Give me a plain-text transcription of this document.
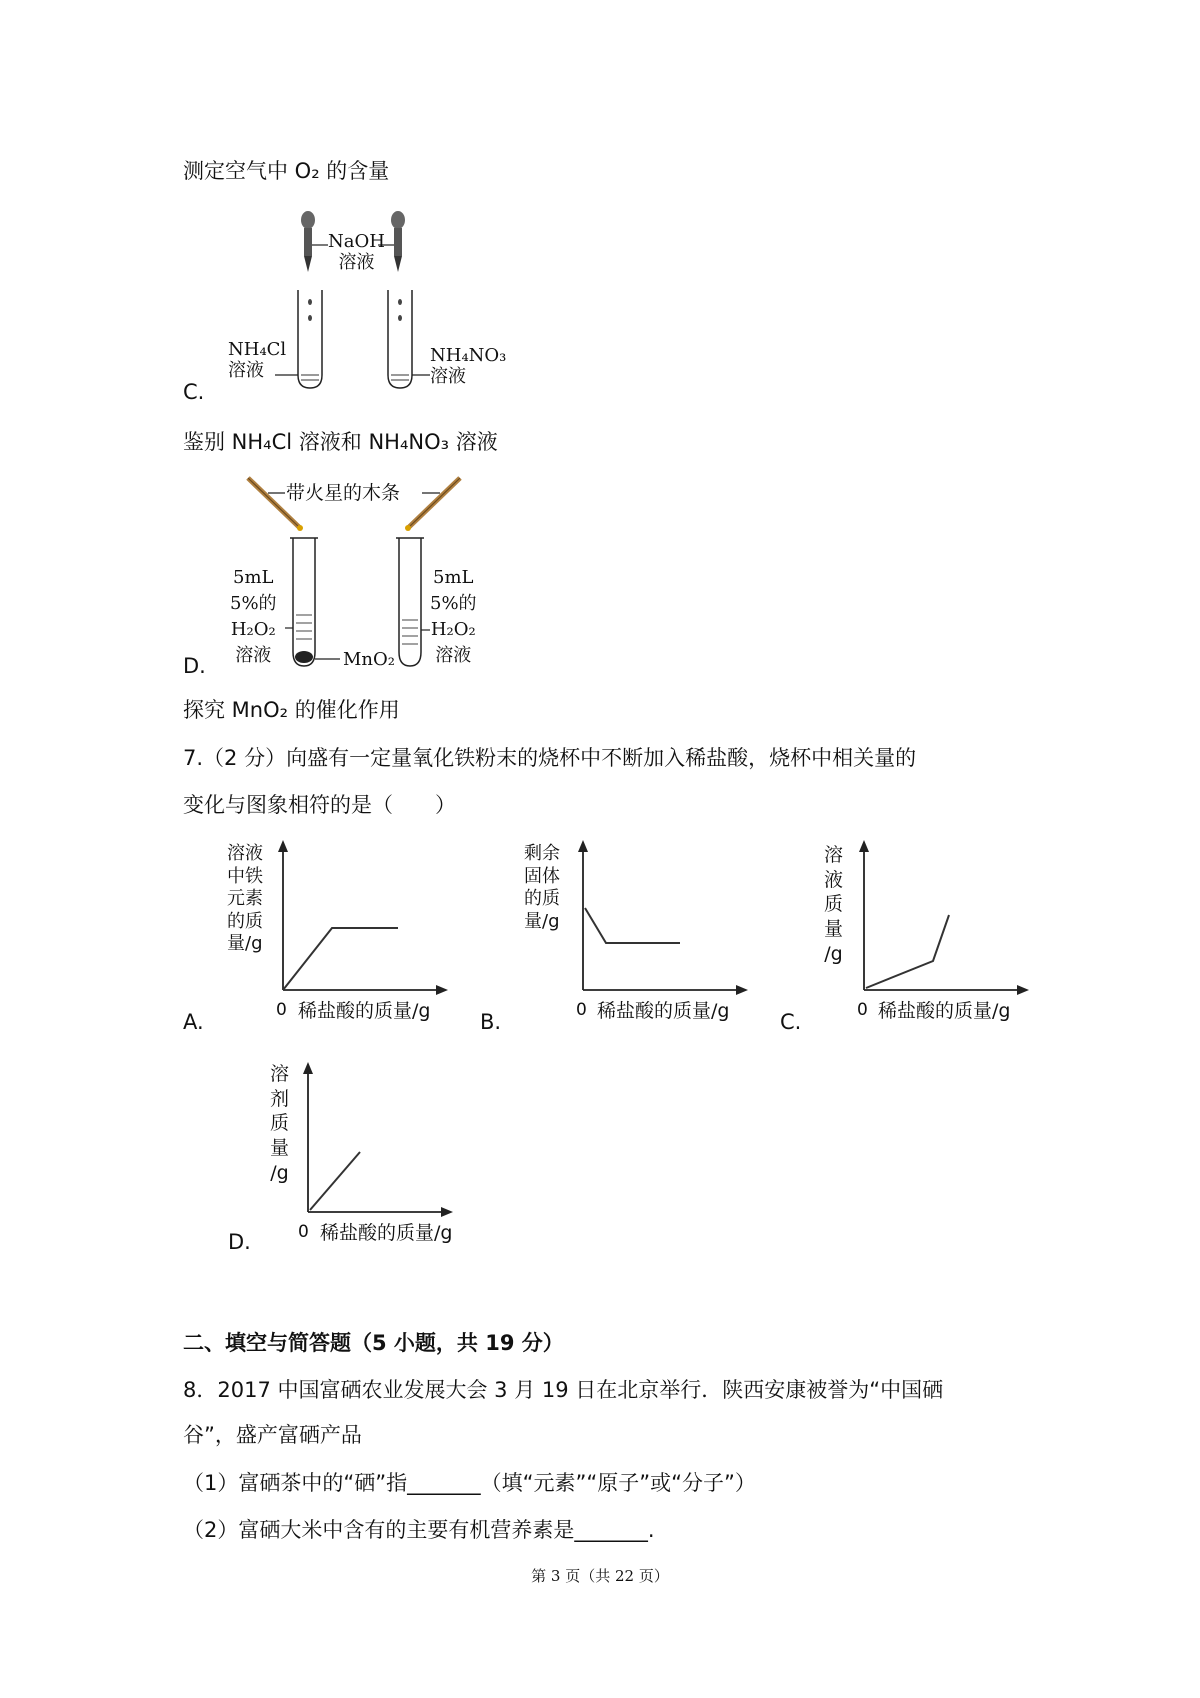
测定空气中 O₂ 的含量
NaOH
溶液
NH₄Cl
溶液
NH₄NO₃
溶液
C.
鉴别 NH₄Cl 溶液和 NH₄NO₃ 溶液
带火星的木条
5mL
5%的
H₂O₂
溶液
5mL
5%的
H₂O₂
溶液
MnO₂
D.
探究 MnO₂ 的催化作用
7.（2 分）向盛有一定量氧化铁粉末的烧杯中不断加入稀盐酸，烧杯中相关量的
变化与图象相符的是（　　）
A.
溶液
中铁
元素
的质
量/g
0 稀盐酸的质量/g B.
剩余
固体
的质
量/g
0 稀盐酸的质量/g C.
溶
液
质
量
/g
0 稀盐酸的质量/g
D.
溶
剂
质
量
/g
0 稀盐酸的质量/g
二、填空与简答题（5 小题，共 19 分）
8．2017 中国富硒农业发展大会 3 月 19 日在北京举行．陕西安康被誉为“中国硒
谷”，盛产富硒产品
（1）富硒茶中的“硒”指_______（填“元素”“原子”或“分子”）
（2）富硒大米中含有的主要有机营养素是_______.
第 3 页（共 22 页）
